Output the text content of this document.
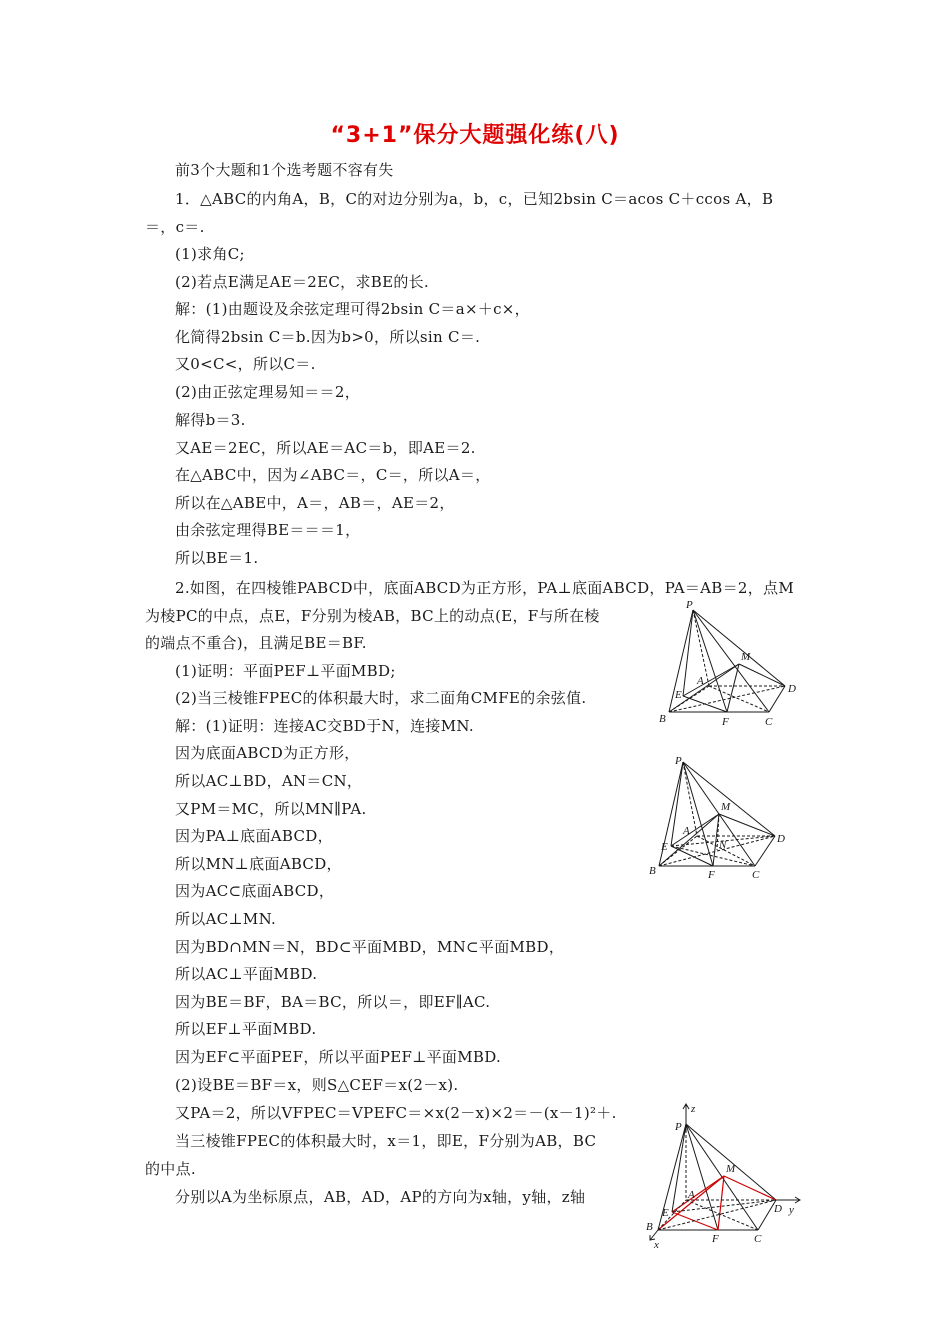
“3+1”保分大题强化练(八)
前3个大题和1个选考题不容有失
1．△ABC的内角A，B，C的对边分别为a，b，c，已知2bsin C＝acos C＋ccos A，B
＝，c＝.
(1)求角C;
(2)若点E满足AE＝2EC，求BE的长.
解：(1)由题设及余弦定理可得2bsin C＝a×＋c×，
化简得2bsin C＝b.因为b>0，所以sin C＝.
又0<C<，所以C＝.
(2)由正弦定理易知＝＝2，
解得b＝3.
又AE＝2EC，所以AE＝AC＝b，即AE＝2.
在△ABC中，因为∠ABC＝，C＝，所以A＝，
所以在△ABE中，A＝，AB＝，AE＝2，
由余弦定理得BE＝＝＝1，
所以BE＝1.
2.如图，在四棱锥PABCD中，底面ABCD为正方形，PA⊥底面ABCD，PA＝AB＝2，点M
为棱PC的中点，点E，F分别为棱AB，BC上的动点(E，F与所在棱
的端点不重合)，且满足BE＝BF.
(1)证明：平面PEF⊥平面MBD;
(2)当三棱锥FPEC的体积最大时，求二面角CMFE的余弦值.
解：(1)证明：连接AC交BD于N，连接MN.
因为底面ABCD为正方形，
所以AC⊥BD，AN＝CN，
又PM＝MC，所以MN∥PA.
因为PA⊥底面ABCD，
所以MN⊥底面ABCD，
因为AC⊂底面ABCD，
所以AC⊥MN.
因为BD∩MN＝N，BD⊂平面MBD，MN⊂平面MBD，
所以AC⊥平面MBD.
因为BE＝BF，BA＝BC，所以＝，即EF∥AC.
所以EF⊥平面MBD.
因为EF⊂平面PEF，所以平面PEF⊥平面MBD.
(2)设BE＝BF＝x，则S△CEF＝x(2－x).
又PA＝2，所以VFPEC＝VPEFC＝×x(2－x)×2＝－(x－1)²＋.
当三棱锥FPEC的体积最大时，x＝1，即E，F分别为AB，BC
的中点.
分别以A为坐标原点，AB，AD，AP的方向为x轴，y轴，z轴
P
M
A
E	D
B	F	C
P
M
A
E	N	D
B	F	C
z
P
M
A
E	D y
B
F	C
x
